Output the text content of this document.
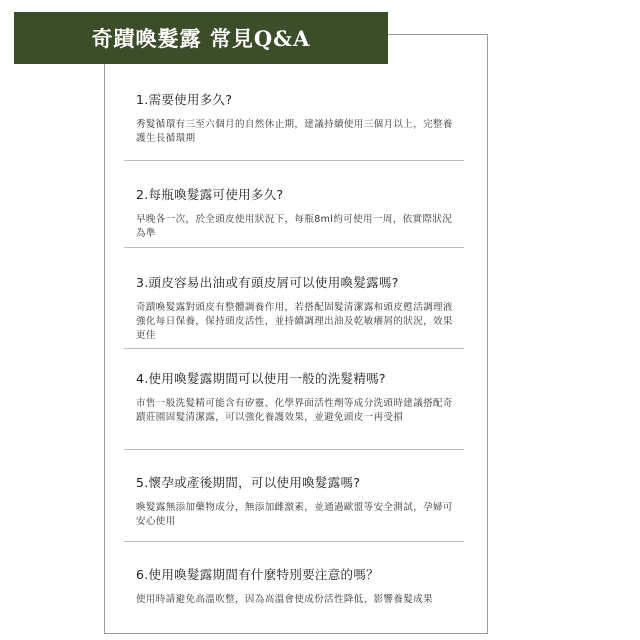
奇蹟喚髮露 常見Q&A

1.需要使用多久?

秀髮循環有三至六個月的自然休止期，建議持續使用三個月以上，完整養護生長循環期

2.每瓶喚髮露可使用多久?

早晚各一次，於全頭皮使用狀況下，每瓶8ml約可使用一周，依實際狀況為準

3.頭皮容易出油或有頭皮屑可以使用喚髮露嗎?

奇蹟喚髮露對頭皮有整體調養作用，若搭配固髮清潔露和頭皮甦活調理液強化每日保養，保持頭皮活性，並持續調理出油及乾敏癢屑的狀況，效果更佳

4.使用喚髮露期間可以使用一般的洗髮精嗎?

市售一般洗髮精可能含有矽靈、化學界面活性劑等成分洗頭時建議搭配奇蹟莊園固髮清潔露，可以強化養護效果，並避免頭皮一再受損

5.懷孕或產後期間，可以使用喚髮露嗎?

喚髮露無添加藥物成分，無添加雌激素，並通過歐盟等安全測試，孕婦可安心使用

6.使用喚髮露期間有什麼特別要注意的嗎？

使用時請避免高溫吹整，因為高溫會使成份活性降低，影響養髮成果
